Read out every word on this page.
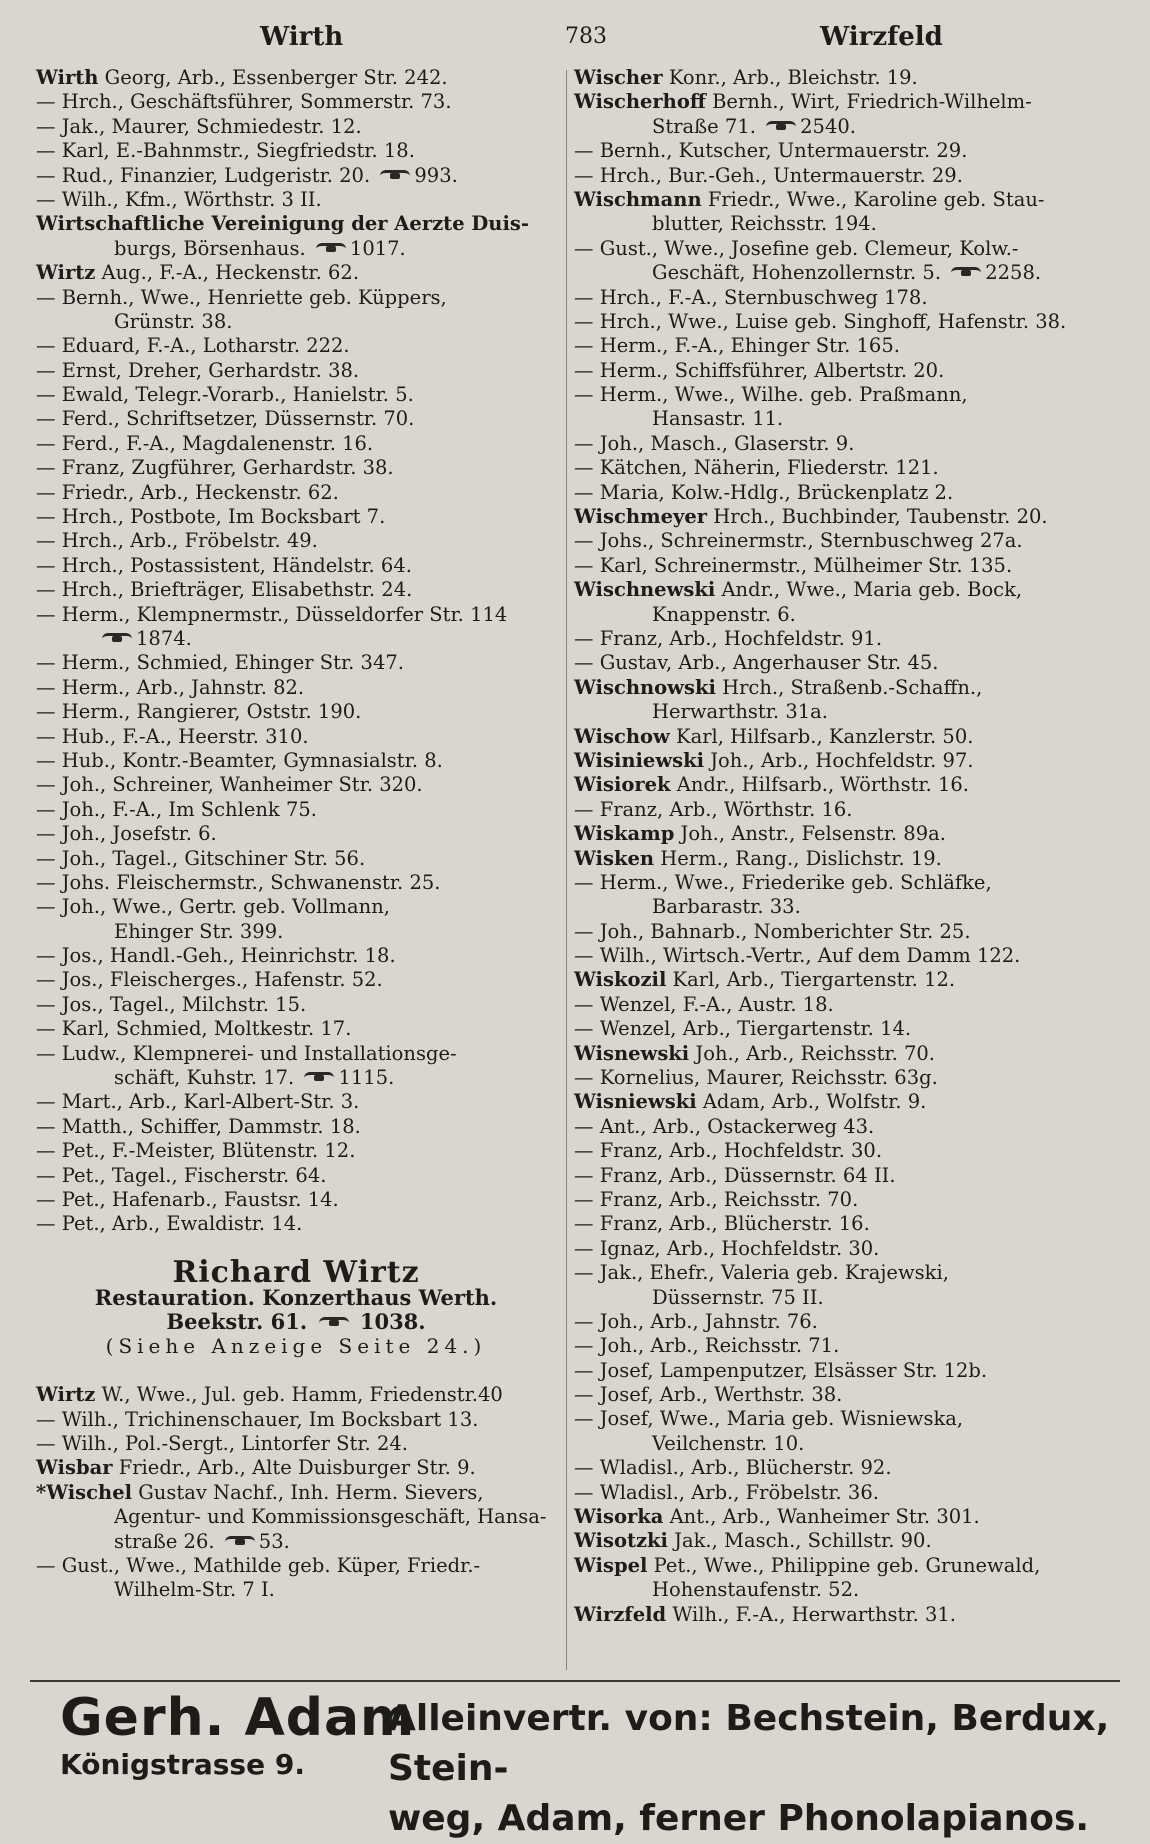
Wirth	783	Wirzfeld
Wirth Georg, Arb., Essenberger Str. 242.
— Hrch., Geschäftsführer, Sommerstr. 73.
— Jak., Maurer, Schmiedestr. 12.
— Karl, E.-Bahnmstr., Siegfriedstr. 18.
— Rud., Finanzier, Ludgeristr. 20. 993.
— Wilh., Kfm., Wörthstr. 3 II.
Wirtschaftliche Vereinigung der Aerzte Duis-
burgs, Börsenhaus. 1017.
Wirtz Aug., F.-A., Heckenstr. 62.
— Bernh., Wwe., Henriette geb. Küppers,
Grünstr. 38.
— Eduard, F.-A., Lotharstr. 222.
— Ernst, Dreher, Gerhardstr. 38.
— Ewald, Telegr.-Vorarb., Hanielstr. 5.
— Ferd., Schriftsetzer, Düssernstr. 70.
— Ferd., F.-A., Magdalenenstr. 16.
— Franz, Zugführer, Gerhardstr. 38.
— Friedr., Arb., Heckenstr. 62.
— Hrch., Postbote, Im Bocksbart 7.
— Hrch., Arb., Fröbelstr. 49.
— Hrch., Postassistent, Händelstr. 64.
— Hrch., Briefträger, Elisabethstr. 24.
— Herm., Klempnermstr., Düsseldorfer Str. 114
1874.
— Herm., Schmied, Ehinger Str. 347.
— Herm., Arb., Jahnstr. 82.
— Herm., Rangierer, Oststr. 190.
— Hub., F.-A., Heerstr. 310.
— Hub., Kontr.-Beamter, Gymnasialstr. 8.
— Joh., Schreiner, Wanheimer Str. 320.
— Joh., F.-A., Im Schlenk 75.
— Joh., Josefstr. 6.
— Joh., Tagel., Gitschiner Str. 56.
— Johs. Fleischermstr., Schwanenstr. 25.
— Joh., Wwe., Gertr. geb. Vollmann,
Ehinger Str. 399.
— Jos., Handl.-Geh., Heinrichstr. 18.
— Jos., Fleischerges., Hafenstr. 52.
— Jos., Tagel., Milchstr. 15.
— Karl, Schmied, Moltkestr. 17.
— Ludw., Klempnerei- und Installationsge-
schäft, Kuhstr. 17. 1115.
— Mart., Arb., Karl-Albert-Str. 3.
— Matth., Schiffer, Dammstr. 18.
— Pet., F.-Meister, Blütenstr. 12.
— Pet., Tagel., Fischerstr. 64.
— Pet., Hafenarb., Faustsr. 14.
— Pet., Arb., Ewaldistr. 14.
Richard Wirtz
Restauration. Konzerthaus Werth.
Beekstr. 61.	1038.
(Siehe Anzeige Seite 24.)
Wirtz W., Wwe., Jul. geb. Hamm, Friedenstr.40
— Wilh., Trichinenschauer, Im Bocksbart 13.
— Wilh., Pol.-Sergt., Lintorfer Str. 24.
Wisbar Friedr., Arb., Alte Duisburger Str. 9.
*Wischel Gustav Nachf., Inh. Herm. Sievers,
Agentur- und Kommissionsgeschäft, Hansa-
straße 26. 53.
— Gust., Wwe., Mathilde geb. Küper, Friedr.-
Wilhelm-Str. 7 I.
Wischer Konr., Arb., Bleichstr. 19.
Wischerhoff Bernh., Wirt, Friedrich-Wilhelm-
Straße 71. 2540.
— Bernh., Kutscher, Untermauerstr. 29.
— Hrch., Bur.-Geh., Untermauerstr. 29.
Wischmann Friedr., Wwe., Karoline geb. Stau-
blutter, Reichsstr. 194.
— Gust., Wwe., Josefine geb. Clemeur, Kolw.-
Geschäft, Hohenzollernstr. 5. 2258.
— Hrch., F.-A., Sternbuschweg 178.
— Hrch., Wwe., Luise geb. Singhoff, Hafenstr. 38.
— Herm., F.-A., Ehinger Str. 165.
— Herm., Schiffsführer, Albertstr. 20.
— Herm., Wwe., Wilhe. geb. Praßmann,
Hansastr. 11.
— Joh., Masch., Glaserstr. 9.
— Kätchen, Näherin, Fliederstr. 121.
— Maria, Kolw.-Hdlg., Brückenplatz 2.
Wischmeyer Hrch., Buchbinder, Taubenstr. 20.
— Johs., Schreinermstr., Sternbuschweg 27a.
— Karl, Schreinermstr., Mülheimer Str. 135.
Wischnewski Andr., Wwe., Maria geb. Bock,
Knappenstr. 6.
— Franz, Arb., Hochfeldstr. 91.
— Gustav, Arb., Angerhauser Str. 45.
Wischnowski Hrch., Straßenb.-Schaffn.,
Herwarthstr. 31a.
Wischow Karl, Hilfsarb., Kanzlerstr. 50.
Wisiniewski Joh., Arb., Hochfeldstr. 97.
Wisiorek Andr., Hilfsarb., Wörthstr. 16.
— Franz, Arb., Wörthstr. 16.
Wiskamp Joh., Anstr., Felsenstr. 89a.
Wisken Herm., Rang., Dislichstr. 19.
— Herm., Wwe., Friederike geb. Schläfke,
Barbarastr. 33.
— Joh., Bahnarb., Nomberichter Str. 25.
— Wilh., Wirtsch.-Vertr., Auf dem Damm 122.
Wiskozil Karl, Arb., Tiergartenstr. 12.
— Wenzel, F.-A., Austr. 18.
— Wenzel, Arb., Tiergartenstr. 14.
Wisnewski Joh., Arb., Reichsstr. 70.
— Kornelius, Maurer, Reichsstr. 63g.
Wisniewski Adam, Arb., Wolfstr. 9.
— Ant., Arb., Ostackerweg 43.
— Franz, Arb., Hochfeldstr. 30.
— Franz, Arb., Düssernstr. 64 II.
— Franz, Arb., Reichsstr. 70.
— Franz, Arb., Blücherstr. 16.
— Ignaz, Arb., Hochfeldstr. 30.
— Jak., Ehefr., Valeria geb. Krajewski,
Düssernstr. 75 II.
— Joh., Arb., Jahnstr. 76.
— Joh., Arb., Reichsstr. 71.
— Josef, Lampenputzer, Elsässer Str. 12b.
— Josef, Arb., Werthstr. 38.
— Josef, Wwe., Maria geb. Wisniewska,
Veilchenstr. 10.
— Wladisl., Arb., Blücherstr. 92.
— Wladisl., Arb., Fröbelstr. 36.
Wisorka Ant., Arb., Wanheimer Str. 301.
Wisotzki Jak., Masch., Schillstr. 90.
Wispel Pet., Wwe., Philippine geb. Grunewald,
Hohenstaufenstr. 52.
Wirzfeld Wilh., F.-A., Herwarthstr. 31.
Gerh. Adam
Königstrasse 9.
Alleinvertr. von: Bechstein, Berdux, Stein-
weg, Adam, ferner Phonolapianos.
